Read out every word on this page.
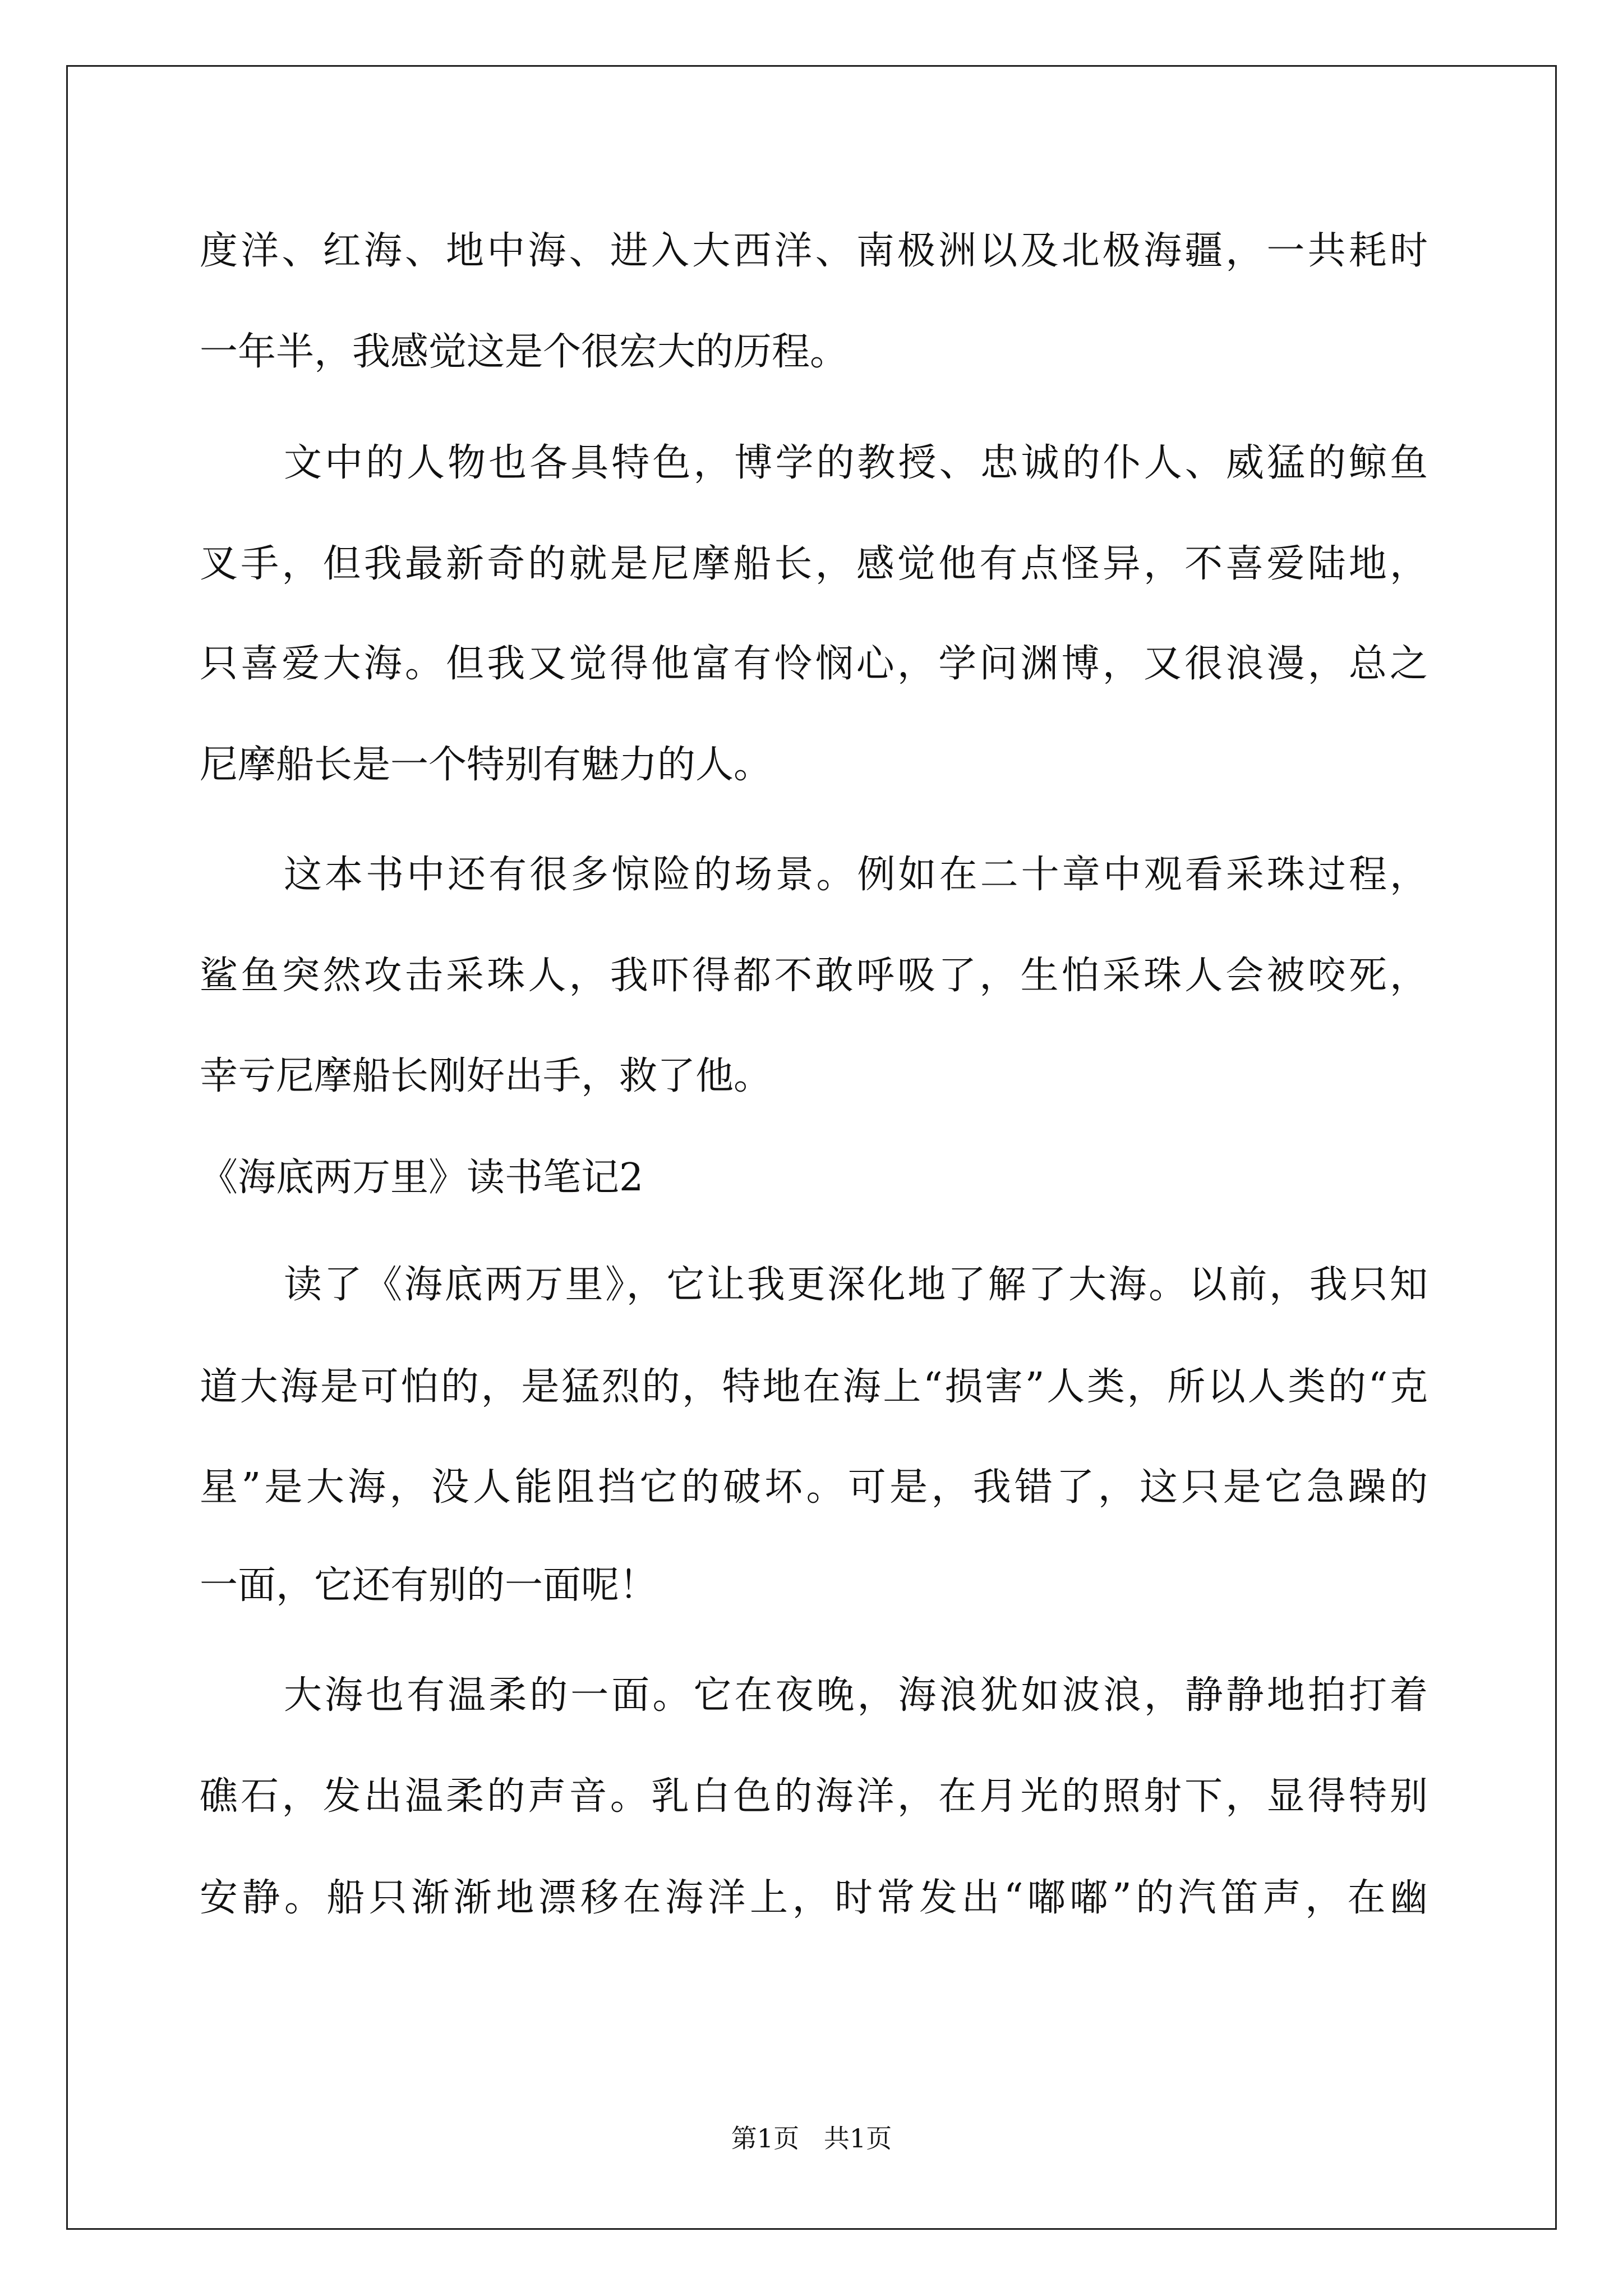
度洋、红海、地中海、进入大西洋、南极洲以及北极海疆，一共耗时
一年半，我感觉这是个很宏大的历程。
文中的人物也各具特色，博学的教授、忠诚的仆人、威猛的鲸鱼
叉手，但我最新奇的就是尼摩船长，感觉他有点怪异，不喜爱陆地，
只喜爱大海。但我又觉得他富有怜悯心，学问渊博，又很浪漫，总之
尼摩船长是一个特别有魅力的人。
这本书中还有很多惊险的场景。例如在二十章中观看采珠过程，
鲨鱼突然攻击采珠人，我吓得都不敢呼吸了，生怕采珠人会被咬死，
幸亏尼摩船长刚好出手，救了他。
《海底两万里》读书笔记2
读了《海底两万里》，它让我更深化地了解了大海。以前，我只知
道大海是可怕的，是猛烈的，特地在海上“损害”人类，所以人类的“克
星”是大海，没人能阻挡它的破坏。可是，我错了，这只是它急躁的
一面，它还有别的一面呢！
大海也有温柔的一面。它在夜晚，海浪犹如波浪，静静地拍打着
礁石，发出温柔的声音。乳白色的海洋，在月光的照射下，显得特别
安静。船只渐渐地漂移在海洋上，时常发出“嘟嘟”的汽笛声，在幽
第1页   共1页
